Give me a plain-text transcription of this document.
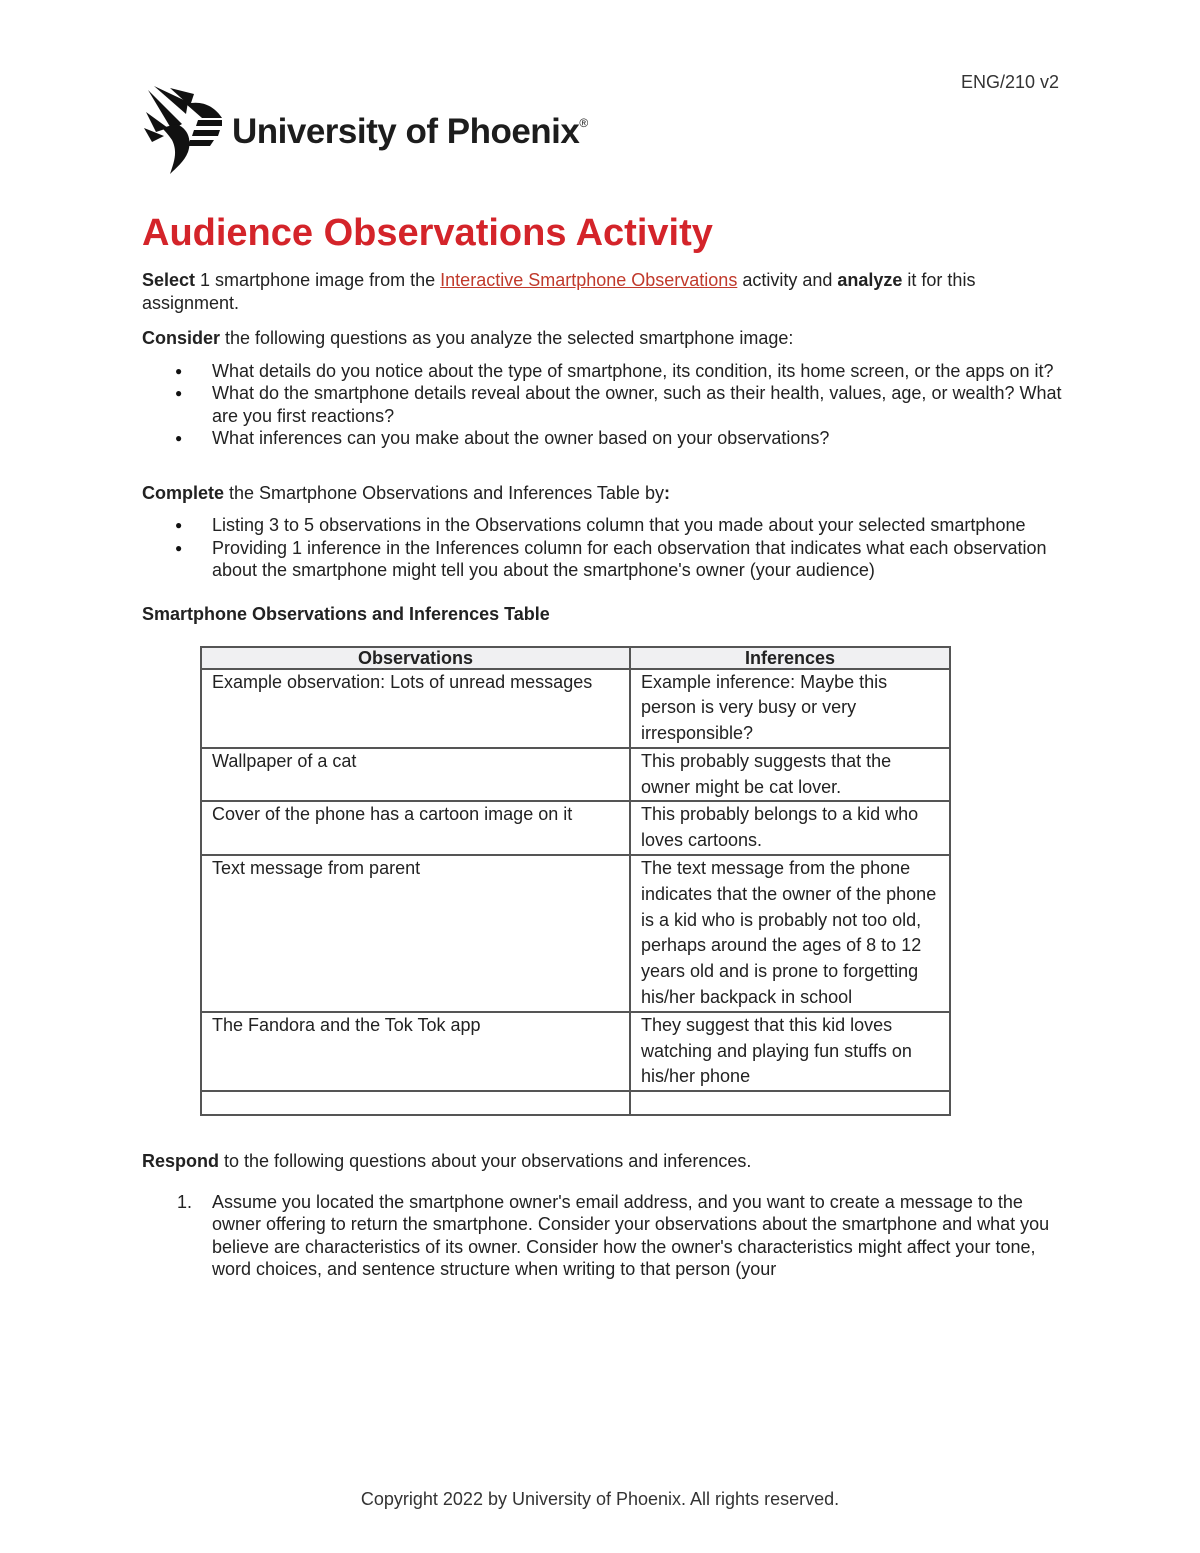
ENG/210 v2
University of Phoenix®
Audience Observations Activity

Select 1 smartphone image from the Interactive Smartphone Observations activity and analyze it for this assignment.

Consider the following questions as you analyze the selected smartphone image:

● What details do you notice about the type of smartphone, its condition, its home screen, or the apps on it?
● What do the smartphone details reveal about the owner, such as their health, values, age, or wealth? What are you first reactions?
● What inferences can you make about the owner based on your observations?

Complete the Smartphone Observations and Inferences Table by:

● Listing 3 to 5 observations in the Observations column that you made about your selected smartphone
● Providing 1 inference in the Inferences column for each observation that indicates what each observation about the smartphone might tell you about the smartphone's owner (your audience)
Smartphone Observations and Inferences Table
Observations	Inferences
Example observation: Lots of unread messages	Example inference: Maybe this person is very busy or very irresponsible?
Wallpaper of a cat	This probably suggests that the owner might be cat lover.
Cover of the phone has a cartoon image on it	This probably belongs to a kid who loves cartoons.
Text message from parent	The text message from the phone indicates that the owner of the phone is a kid who is probably not too old, perhaps around the ages of 8 to 12 years old and is prone to forgetting his/her backpack in school
The Fandora and the Tok Tok app	They suggest that this kid loves watching and playing fun stuffs on his/her phone

Respond to the following questions about your observations and inferences.

1. Assume you located the smartphone owner's email address, and you want to create a message to the owner offering to return the smartphone. Consider your observations about the smartphone and what you believe are characteristics of its owner. Consider how the owner's characteristics might affect your tone, word choices, and sentence structure when writing to that person (your
Copyright 2022 by University of Phoenix. All rights reserved.
